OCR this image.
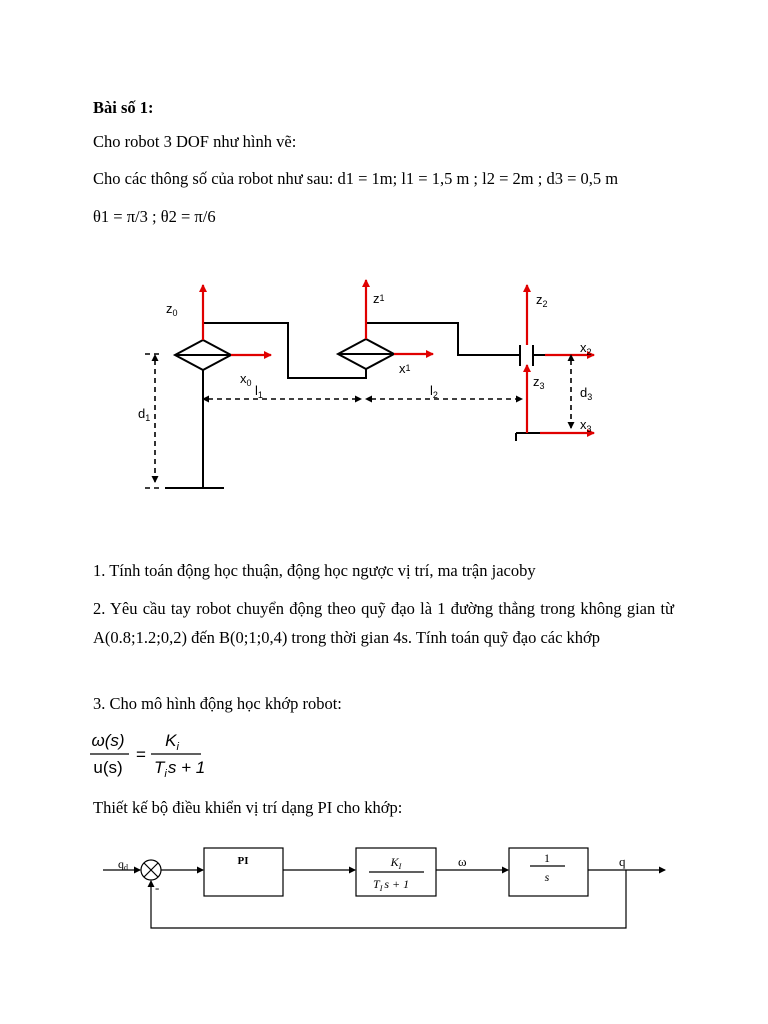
Bài số 1:

Cho robot 3 DOF như hình vẽ:

Cho các thông số của robot như sau: d1 = 1m; l1 = 1,5 m ; l2 = 2m ; d3 = 0,5 m

θ1 = π/3 ; θ2 = π/6

$z_0$
$x_0$
z1
x1
$z_2$
$x_2$
$z_3$
$x_3$
$d_1$
$l_1$	$l_2$	$d_3$

1. Tính toán động học thuận, động học ngược vị trí, ma trận jacoby

2. Yêu cầu tay robot chuyển động theo quỹ đạo là 1 đường thẳng trong không gian từ A(0.8;1.2;0,2) đến B(0;1;0,4) trong thời gian 4s. Tính toán quỹ đạo các khớp

3. Cho mô hình động học khớp robot:

ω(s)
u(s)
=
$K_i$
$T_is + 1$

Thiết kế bộ điều khiển vị trí dạng PI cho khớp:

qd
-
PI	$K_I$
$T_I$ s + 1
ω	1
s
q
